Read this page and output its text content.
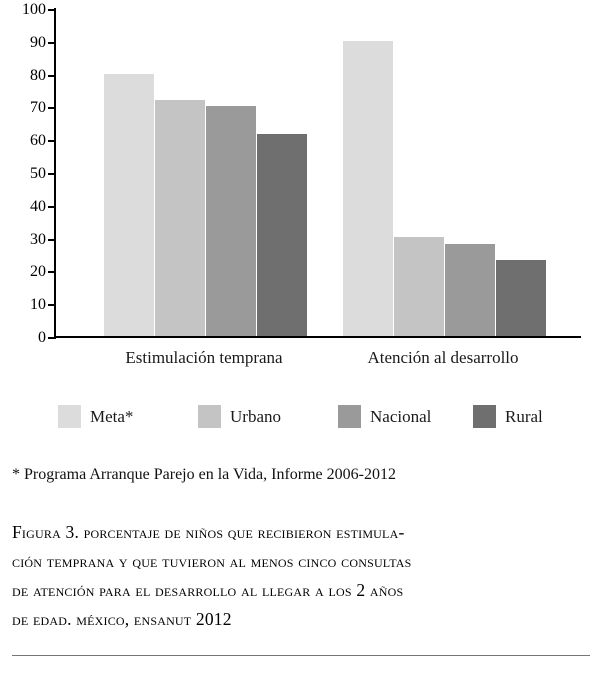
0
10
20
30
40
50
60
70
80
90
100
Estimulación temprana	Atención al desarrollo
Meta*	Urbano	Nacional	Rural
* Programa Arranque Parejo en la Vida, Informe 2006-2012
Figura 3. porcentaje de niños que recibieron estimula-
ción temprana y que tuvieron al menos cinco consultas
de atención para el desarrollo al llegar a los 2 años
de edad. méxico, ensanut 2012
